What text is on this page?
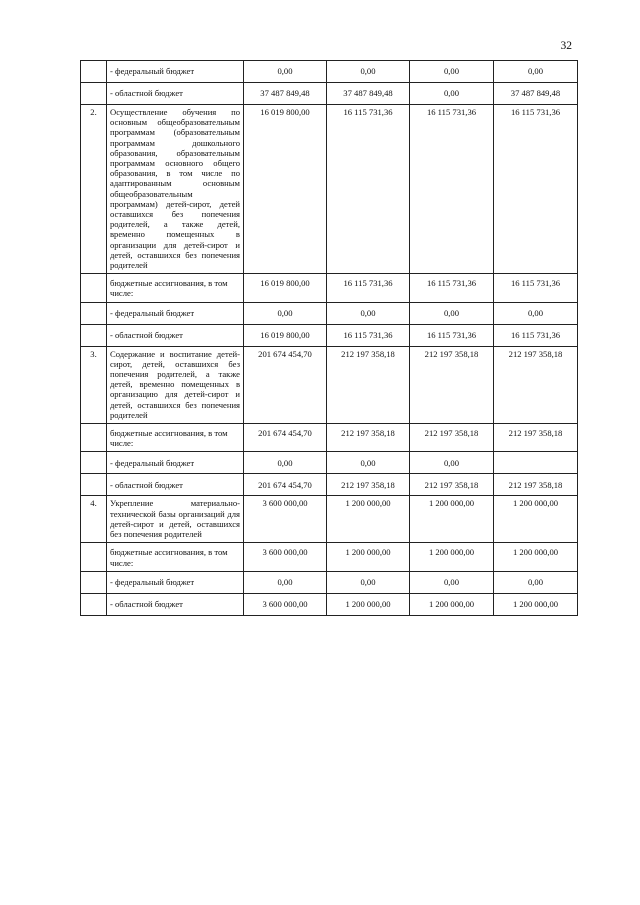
32
	- федеральный бюджет	0,00	0,00	0,00	0,00
	- областной бюджет	37 487 849,48	37 487 849,48	0,00	37 487 849,48
2.	Осуществление обучения по основным общеобразовательным программам (образовательным программам дошкольного образования, образовательным программам основного общего образования, в том числе по адаптированным основным общеобразовательным программам) детей-сирот, детей оставшихся без попечения родителей, а также детей, временно помещенных в организации для детей-сирот и детей, оставшихся без попечения родителей	16 019 800,00	16 115 731,36	16 115 731,36	16 115 731,36
	бюджетные ассигнования, в том числе:	16 019 800,00	16 115 731,36	16 115 731,36	16 115 731,36
	- федеральный бюджет	0,00	0,00	0,00	0,00
	- областной бюджет	16 019 800,00	16 115 731,36	16 115 731,36	16 115 731,36
3.	Содержание и воспитание детей-сирот, детей, оставшихся без попечения родителей, а также детей, временно помещенных в организацию для детей-сирот и детей, оставшихся без попечения родителей	201 674 454,70	212 197 358,18	212 197 358,18	212 197 358,18
	бюджетные ассигнования, в том числе:	201 674 454,70	212 197 358,18	212 197 358,18	212 197 358,18
	- федеральный бюджет	0,00	0,00	0,00	
	- областной бюджет	201 674 454,70	212 197 358,18	212 197 358,18	212 197 358,18
4.	Укрепление материально-технической базы организаций для детей-сирот и детей, оставшихся без попечения родителей	3 600 000,00	1 200 000,00	1 200 000,00	1 200 000,00
	бюджетные ассигнования, в том числе:	3 600 000,00	1 200 000,00	1 200 000,00	1 200 000,00
	- федеральный бюджет	0,00	0,00	0,00	0,00
	- областной бюджет	3 600 000,00	1 200 000,00	1 200 000,00	1 200 000,00
